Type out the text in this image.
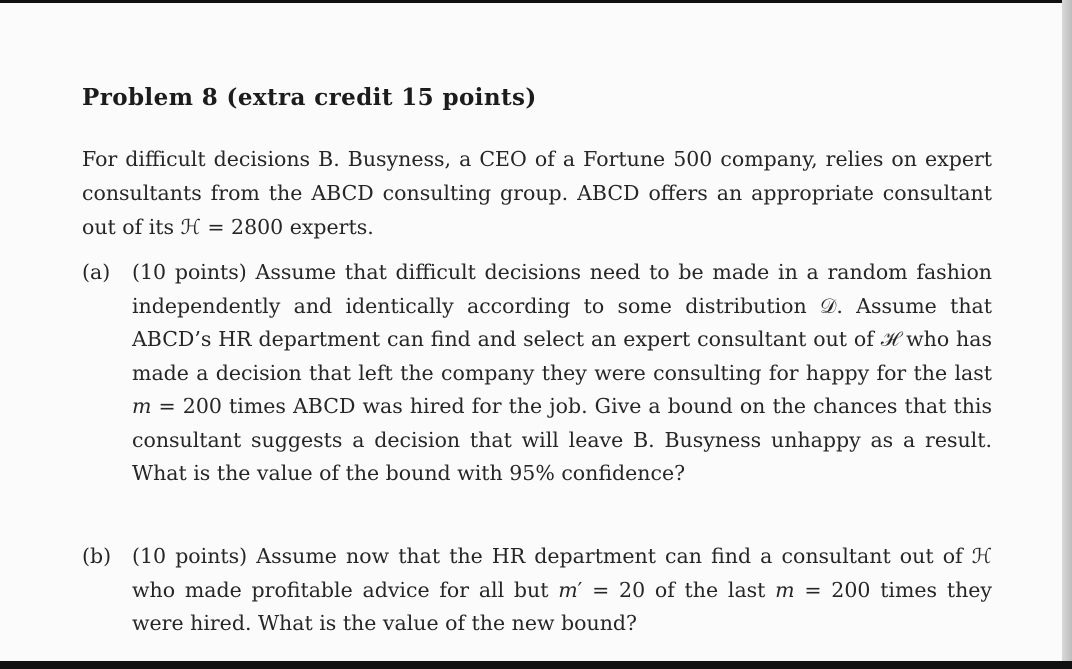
Problem 8 (extra credit 15 points)

For difficult decisions B. Busyness, a CEO of a Fortune 500 company, relies on expert consultants from the ABCD consulting group. ABCD offers an appropriate consultant out of its ℋ = 2800 experts.

(a) (10 points) Assume that difficult decisions need to be made in a random fashion independently and identically according to some distribution 𝒟. Assume that ABCD’s HR department can find and select an expert consultant out of ℋ who has made a decision that left the company they were consulting for happy for the last 𝑚 = 200 times ABCD was hired for the job. Give a bound on the chances that this consultant suggests a decision that will leave B. Busyness unhappy as a result. What is the value of the bound with 95% confidence?

(b) (10 points) Assume now that the HR department can find a consultant out of ℋ who made profitable advice for all but 𝑚′ = 20 of the last 𝑚 = 200 times they were hired. What is the value of the new bound?
